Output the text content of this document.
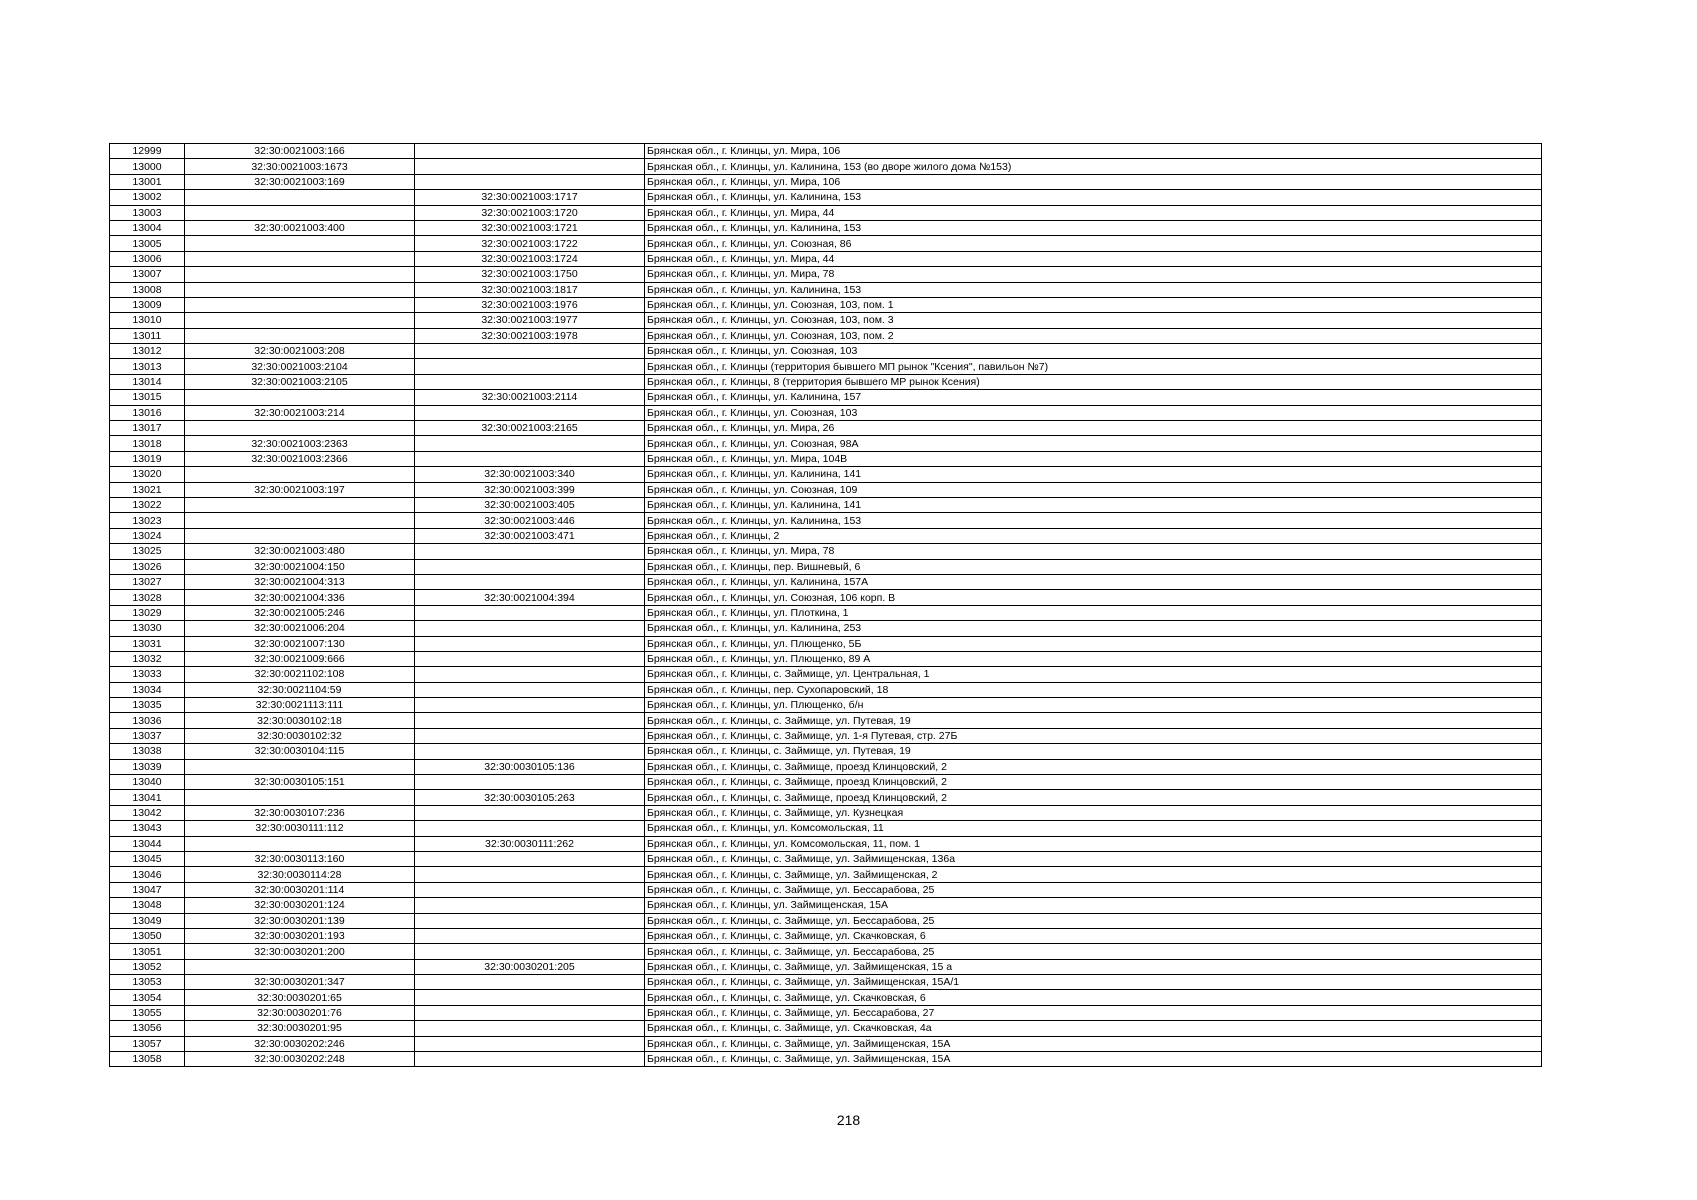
12999	32:30:0021003:166		Брянская обл., г. Клинцы, ул. Мира, 106
13000	32:30:0021003:1673		Брянская обл., г. Клинцы, ул. Калинина, 153 (во дворе жилого дома №153)
13001	32:30:0021003:169		Брянская обл., г. Клинцы, ул. Мира, 106
13002		32:30:0021003:1717	Брянская обл., г. Клинцы, ул. Калинина, 153
13003		32:30:0021003:1720	Брянская обл., г. Клинцы, ул. Мира, 44
13004	32:30:0021003:400	32:30:0021003:1721	Брянская обл., г. Клинцы, ул. Калинина, 153
13005		32:30:0021003:1722	Брянская обл., г. Клинцы, ул. Союзная, 86
13006		32:30:0021003:1724	Брянская обл., г. Клинцы, ул. Мира, 44
13007		32:30:0021003:1750	Брянская обл., г. Клинцы, ул. Мира, 78
13008		32:30:0021003:1817	Брянская обл., г. Клинцы, ул. Калинина, 153
13009		32:30:0021003:1976	Брянская обл., г. Клинцы, ул. Союзная, 103, пом. 1
13010		32:30:0021003:1977	Брянская обл., г. Клинцы, ул. Союзная, 103, пом. 3
13011		32:30:0021003:1978	Брянская обл., г. Клинцы, ул. Союзная, 103, пом. 2
13012	32:30:0021003:208		Брянская обл., г. Клинцы, ул. Союзная, 103
13013	32:30:0021003:2104		Брянская обл., г. Клинцы (территория бывшего МП рынок "Ксения", павильон №7)
13014	32:30:0021003:2105		Брянская обл., г. Клинцы, 8 (территория бывшего МР рынок Ксения)
13015		32:30:0021003:2114	Брянская обл., г. Клинцы, ул. Калинина, 157
13016	32:30:0021003:214		Брянская обл., г. Клинцы, ул. Союзная, 103
13017		32:30:0021003:2165	Брянская обл., г. Клинцы, ул. Мира, 26
13018	32:30:0021003:2363		Брянская обл., г. Клинцы, ул. Союзная, 98А
13019	32:30:0021003:2366		Брянская обл., г. Клинцы, ул. Мира, 104В
13020		32:30:0021003:340	Брянская обл., г. Клинцы, ул. Калинина, 141
13021	32:30:0021003:197	32:30:0021003:399	Брянская обл., г. Клинцы, ул. Союзная, 109
13022		32:30:0021003:405	Брянская обл., г. Клинцы, ул. Калинина, 141
13023		32:30:0021003:446	Брянская обл., г. Клинцы, ул. Калинина, 153
13024		32:30:0021003:471	Брянская обл., г. Клинцы, 2
13025	32:30:0021003:480		Брянская обл., г. Клинцы, ул. Мира, 78
13026	32:30:0021004:150		Брянская обл., г. Клинцы, пер. Вишневый, 6
13027	32:30:0021004:313		Брянская обл., г. Клинцы, ул. Калинина, 157А
13028	32:30:0021004:336	32:30:0021004:394	Брянская обл., г. Клинцы, ул. Союзная, 106 корп. В
13029	32:30:0021005:246		Брянская обл., г. Клинцы, ул. Плоткина, 1
13030	32:30:0021006:204		Брянская обл., г. Клинцы, ул. Калинина, 253
13031	32:30:0021007:130		Брянская обл., г. Клинцы, ул. Плющенко, 5Б
13032	32:30:0021009:666		Брянская обл., г. Клинцы, ул. Плющенко, 89 А
13033	32:30:0021102:108		Брянская обл., г. Клинцы, с. Займище, ул. Центральная, 1
13034	32:30:0021104:59		Брянская обл., г. Клинцы, пер. Сухопаровский, 18
13035	32:30:0021113:111		Брянская обл., г. Клинцы, ул. Плющенко, б/н
13036	32:30:0030102:18		Брянская обл., г. Клинцы, с. Займище, ул. Путевая, 19
13037	32:30:0030102:32		Брянская обл., г. Клинцы, с. Займище, ул. 1-я Путевая, стр. 27Б
13038	32:30:0030104:115		Брянская обл., г. Клинцы, с. Займище, ул. Путевая, 19
13039		32:30:0030105:136	Брянская обл., г. Клинцы, с. Займище, проезд Клинцовский, 2
13040	32:30:0030105:151		Брянская обл., г. Клинцы, с. Займище, проезд Клинцовский, 2
13041		32:30:0030105:263	Брянская обл., г. Клинцы, с. Займище, проезд Клинцовский, 2
13042	32:30:0030107:236		Брянская обл., г. Клинцы, с. Займище, ул. Кузнецкая
13043	32:30:0030111:112		Брянская обл., г. Клинцы, ул. Комсомольская, 11
13044		32:30:0030111:262	Брянская обл., г. Клинцы, ул. Комсомольская, 11, пом. 1
13045	32:30:0030113:160		Брянская обл., г. Клинцы, с. Займище, ул. Займищенская, 136а
13046	32:30:0030114:28		Брянская обл., г. Клинцы, с. Займище, ул. Займищенская, 2
13047	32:30:0030201:114		Брянская обл., г. Клинцы, с. Займище, ул. Бессарабова, 25
13048	32:30:0030201:124		Брянская обл., г. Клинцы, ул. Займищенская, 15А
13049	32:30:0030201:139		Брянская обл., г. Клинцы, с. Займище, ул. Бессарабова, 25
13050	32:30:0030201:193		Брянская обл., г. Клинцы, с. Займище, ул. Скачковская, 6
13051	32:30:0030201:200		Брянская обл., г. Клинцы, с. Займище, ул. Бессарабова, 25
13052		32:30:0030201:205	Брянская обл., г. Клинцы, с. Займище, ул. Займищенская, 15 а
13053	32:30:0030201:347		Брянская обл., г. Клинцы, с. Займище, ул. Займищенская, 15А/1
13054	32:30:0030201:65		Брянская обл., г. Клинцы, с. Займище, ул. Скачковская, 6
13055	32:30:0030201:76		Брянская обл., г. Клинцы, с. Займище, ул. Бессарабова, 27
13056	32:30:0030201:95		Брянская обл., г. Клинцы, с. Займище, ул. Скачковская, 4а
13057	32:30:0030202:246		Брянская обл., г. Клинцы, с. Займище, ул. Займищенская, 15А
13058	32:30:0030202:248		Брянская обл., г. Клинцы, с. Займище, ул. Займищенская, 15А
218
